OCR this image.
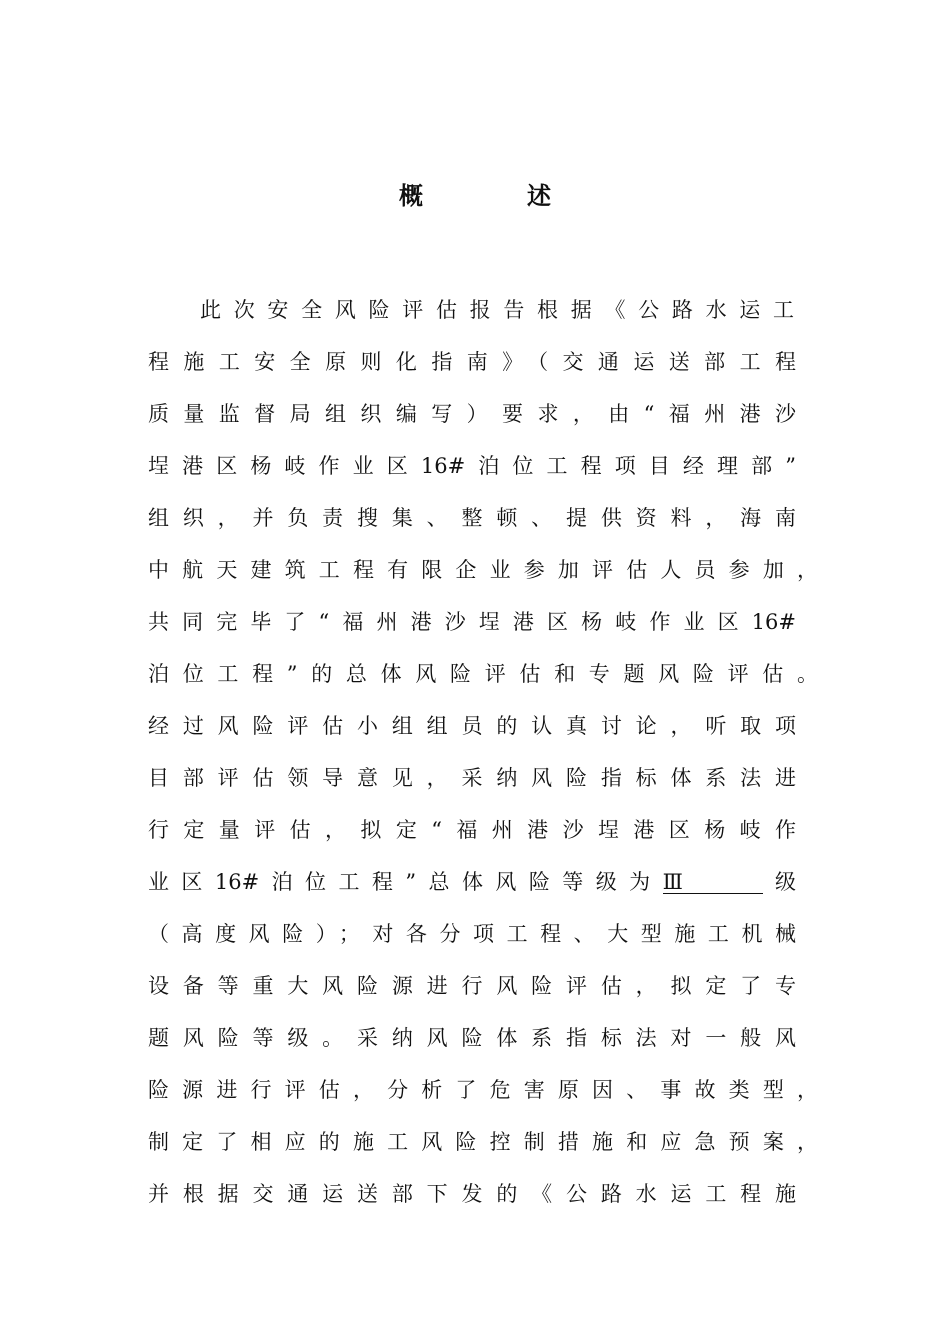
概　述
此次安全风险评估报告根据《公路水运工
程施工安全原则化指南》（交通运送部工程
质量监督局组织编写）要求，由“福州港沙
埕港区杨岐作业区16#泊位工程项目经理部”
组织，并负责搜集、整顿、提供资料，海南
中航天建筑工程有限企业参加评估人员参加，
共同完毕了“福州港沙埕港区杨岐作业区16#
泊位工程”的总体风险评估和专题风险评估。
经过风险评估小组组员的认真讨论，听取项
目部评估领导意见，采纳风险指标体系法进
行定量评估，拟定“福州港沙埕港区杨岐作
业区16#泊位工程”总体风险等级为Ⅲ	级
（高度风险）；对各分项工程、大型施工机械
设备等重大风险源进行风险评估，拟定了专
题风险等级。采纳风险体系指标法对一般风
险源进行评估，分析了危害原因、事故类型，
制定了相应的施工风险控制措施和应急预案，
并根据交通运送部下发的《公路水运工程施
